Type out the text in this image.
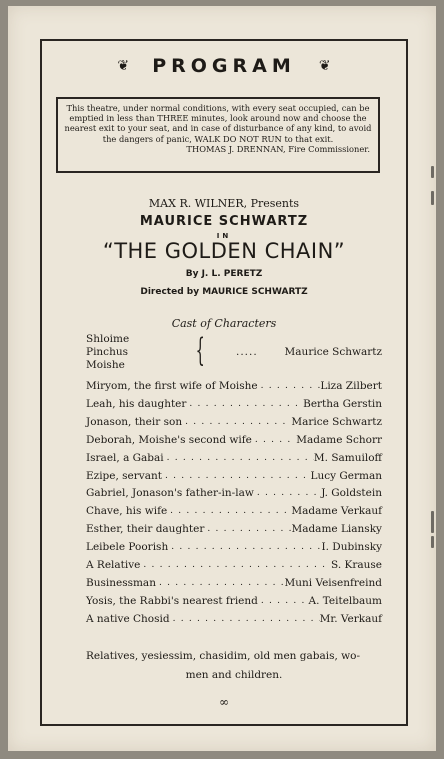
❦ PROGRAM ❦
This theatre, under normal conditions, with every seat occupied, can be emptied in less than THREE minutes, look around now and choose the nearest exit to your seat, and in case of disturbance of any kind, to avoid the dangers of panic, WALK DO NOT RUN to that exit.
THOMAS J. DRENNAN, Fire Commissioner.
MAX R. WILNER, Presents
MAURICE SCHWARTZ
IN
“THE GOLDEN CHAIN”
By J. L. PERETZ
Directed by MAURICE SCHWARTZ
Cast of Characters
Shloime
Pinchus
Moishe {	.....	Maurice Schwartz
Miryom, the first wife of Moishe . . .	Liza Zilbert
Leah, his daughter . . .	Bertha Gerstin
Jonason, their son . . .	Marice Schwartz
Deborah, Moishe's second wife . . .	Madame Schorr
Israel, a Gabai . . .	M. Samuiloff
Ezipe, servant . . .	Lucy German
Gabriel, Jonason's father-in-law . . .	J. Goldstein
Chave, his wife . . .	Madame Verkauf
Esther, their daughter . . .	Madame Liansky
Leibele Poorish . . .	I. Dubinsky
A Relative . . .	S. Krause
Businessman . . .	Muni Veisenfreind
Yosis, the Rabbi's nearest friend . . .	A. Teitelbaum
A native Chosid . . .	Mr. Verkauf
Relatives, yesiessim, chasidim, old men gabais, wo-
men and children.
∞
